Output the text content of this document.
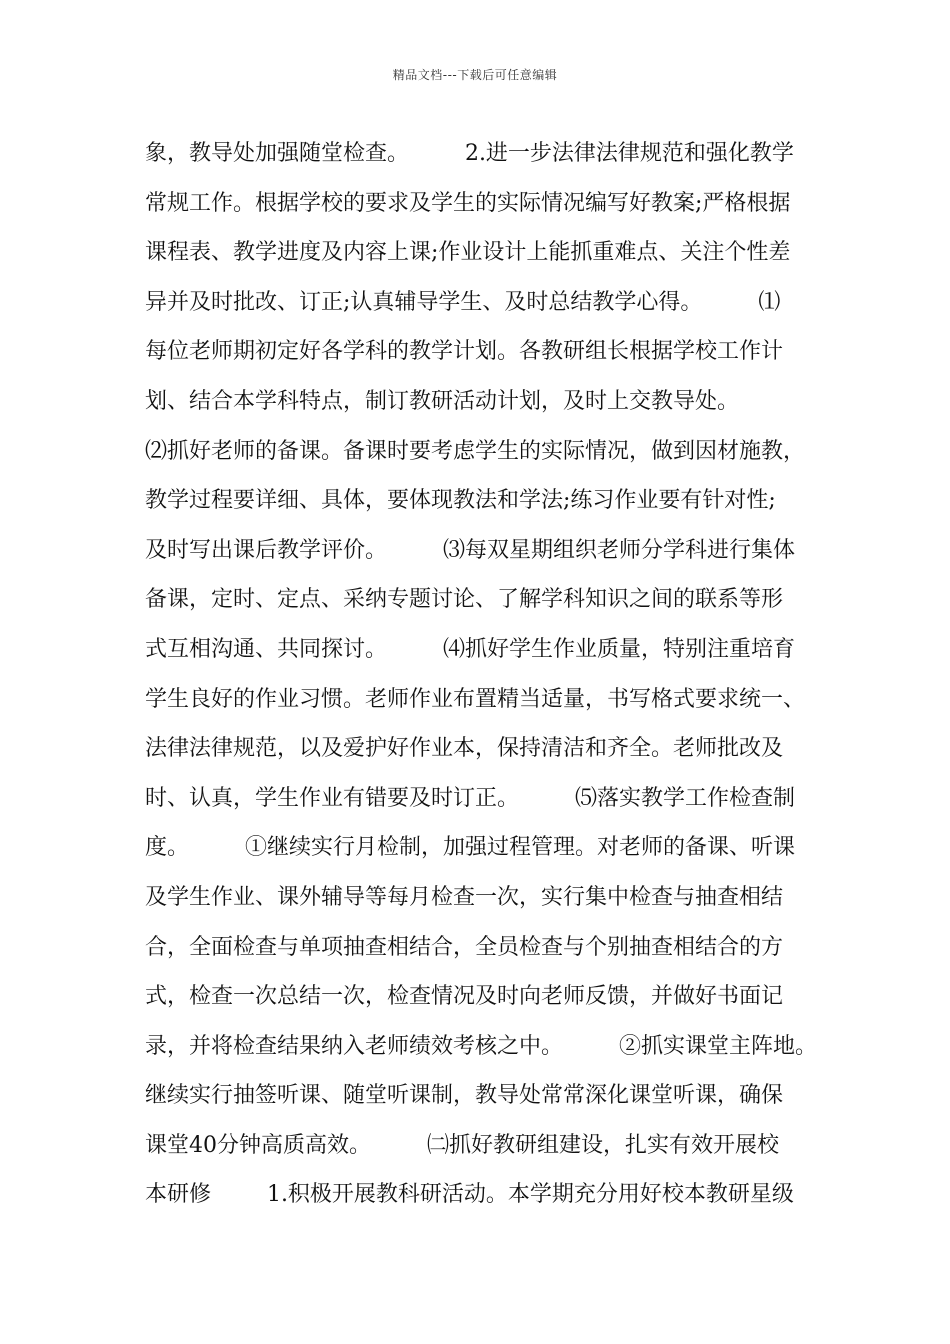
精品文档---下载后可任意编辑
象，教导处加强随堂检查。        2.进一步法律法律规范和强化教学
常规工作。根据学校的要求及学生的实际情况编写好教案;严格根据
课程表、教学进度及内容上课;作业设计上能抓重难点、关注个性差
异并及时批改、订正;认真辅导学生、及时总结教学心得。        ⑴
每位老师期初定好各学科的教学计划。各教研组长根据学校工作计
划、结合本学科特点，制订教研活动计划，及时上交教导处。
⑵抓好老师的备课。备课时要考虑学生的实际情况，做到因材施教，
教学过程要详细、具体，要体现教法和学法;练习作业要有针对性;
及时写出课后教学评价。        ⑶每双星期组织老师分学科进行集体
备课，定时、定点、采纳专题讨论、了解学科知识之间的联系等形
式互相沟通、共同探讨。        ⑷抓好学生作业质量，特别注重培育
学生良好的作业习惯。老师作业布置精当适量，书写格式要求统一、
法律法律规范，以及爱护好作业本，保持清洁和齐全。老师批改及
时、认真，学生作业有错要及时订正。        ⑸落实教学工作检查制
度。        ①继续实行月检制，加强过程管理。对老师的备课、听课
及学生作业、课外辅导等每月检查一次，实行集中检查与抽查相结
合，全面检查与单项抽查相结合，全员检查与个别抽查相结合的方
式，检查一次总结一次，检查情况及时向老师反馈，并做好书面记
录，并将检查结果纳入老师绩效考核之中。        ②抓实课堂主阵地。
继续实行抽签听课、随堂听课制，教导处常常深化课堂听课，确保
课堂40分钟高质高效。        ㈡抓好教研组建设，扎实有效开展校
本研修        1.积极开展教科研活动。本学期充分用好校本教研星级
